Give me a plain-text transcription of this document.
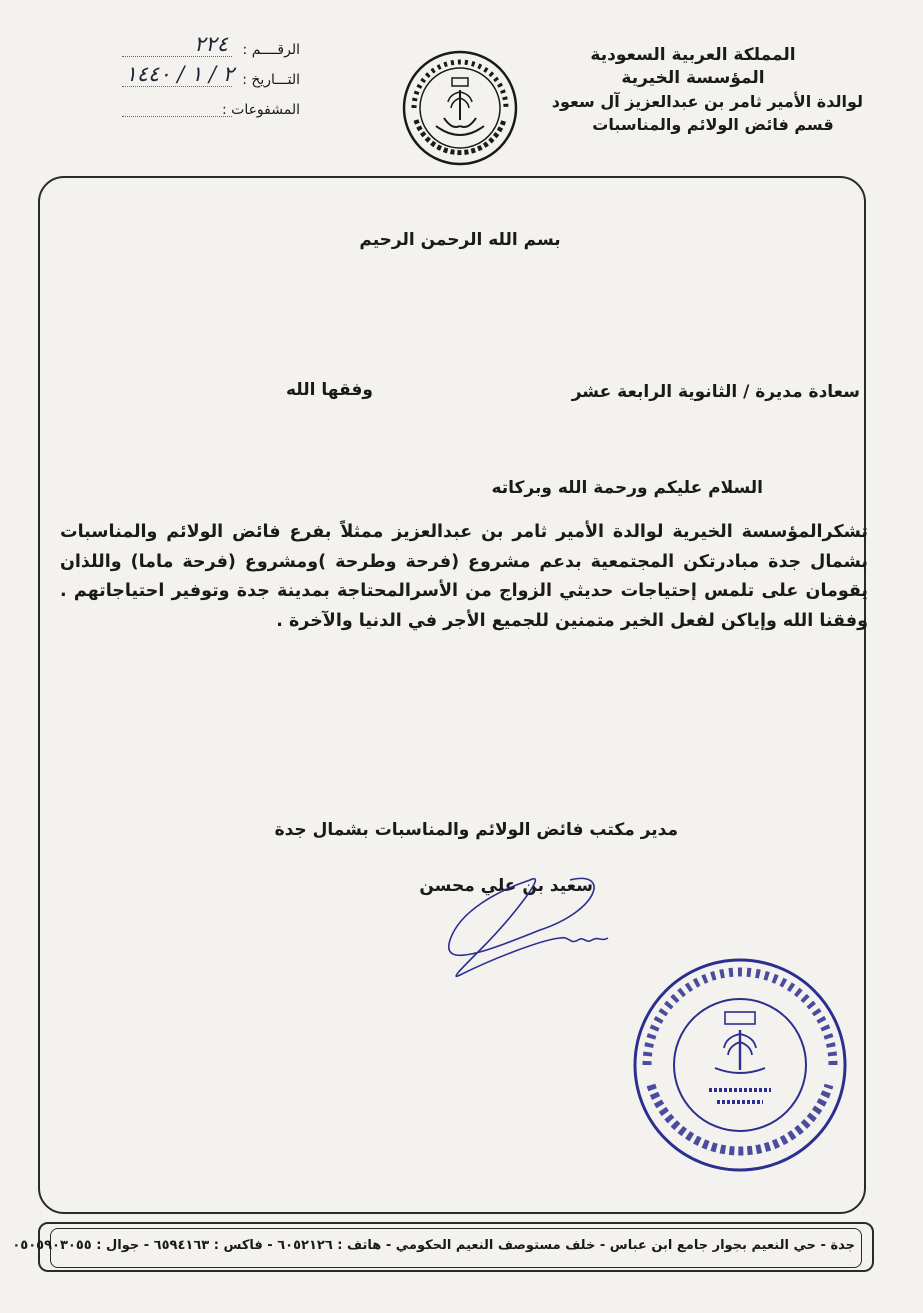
المملكة العربية السعودية
المؤسسة الخيرية
لوالدة الأمير ثامر بن عبدالعزيز آل سعود
قسم فائض الولائم والمناسبات
الرقــــم :
٢٢٤
التـــاريخ :
٢ / ١ / ١٤٤٠
المشفوعات :
بسم الله الرحمن الرحيم
سعادة مديرة / الثانوية الرابعة عشر
وفقها الله
السلام عليكم ورحمة الله وبركاته
تشكرالمؤسسة الخيرية لوالدة الأمير ثامر بن عبدالعزيز ممثلاً بفرع فائض الولائم والمناسبات بشمال جدة مبادرتكن المجتمعية بدعم مشروع (فرحة وطرحة )ومشروع (فرحة ماما) واللذان يقومان على تلمس إحتياجات حديثي الزواج من الأسرالمحتاجة بمدينة جدة وتوفير احتياجاتهم . وفقنا الله وإياكن لفعل الخير متمنين للجميع الأجر في الدنيا والآخرة .
مدير مكتب فائض الولائم والمناسبات بشمال جدة
سعيد بن علي محسن
جدة - حي النعيم بجوار جامع ابن عباس - خلف مستوصف النعيم الحكومي - هاتف : ٦٠٥٢١٢٦ - فاكس : ٦٥٩٤١٦٣ - جوال : ٠٥٠٥٩٠٣٠٥٥
